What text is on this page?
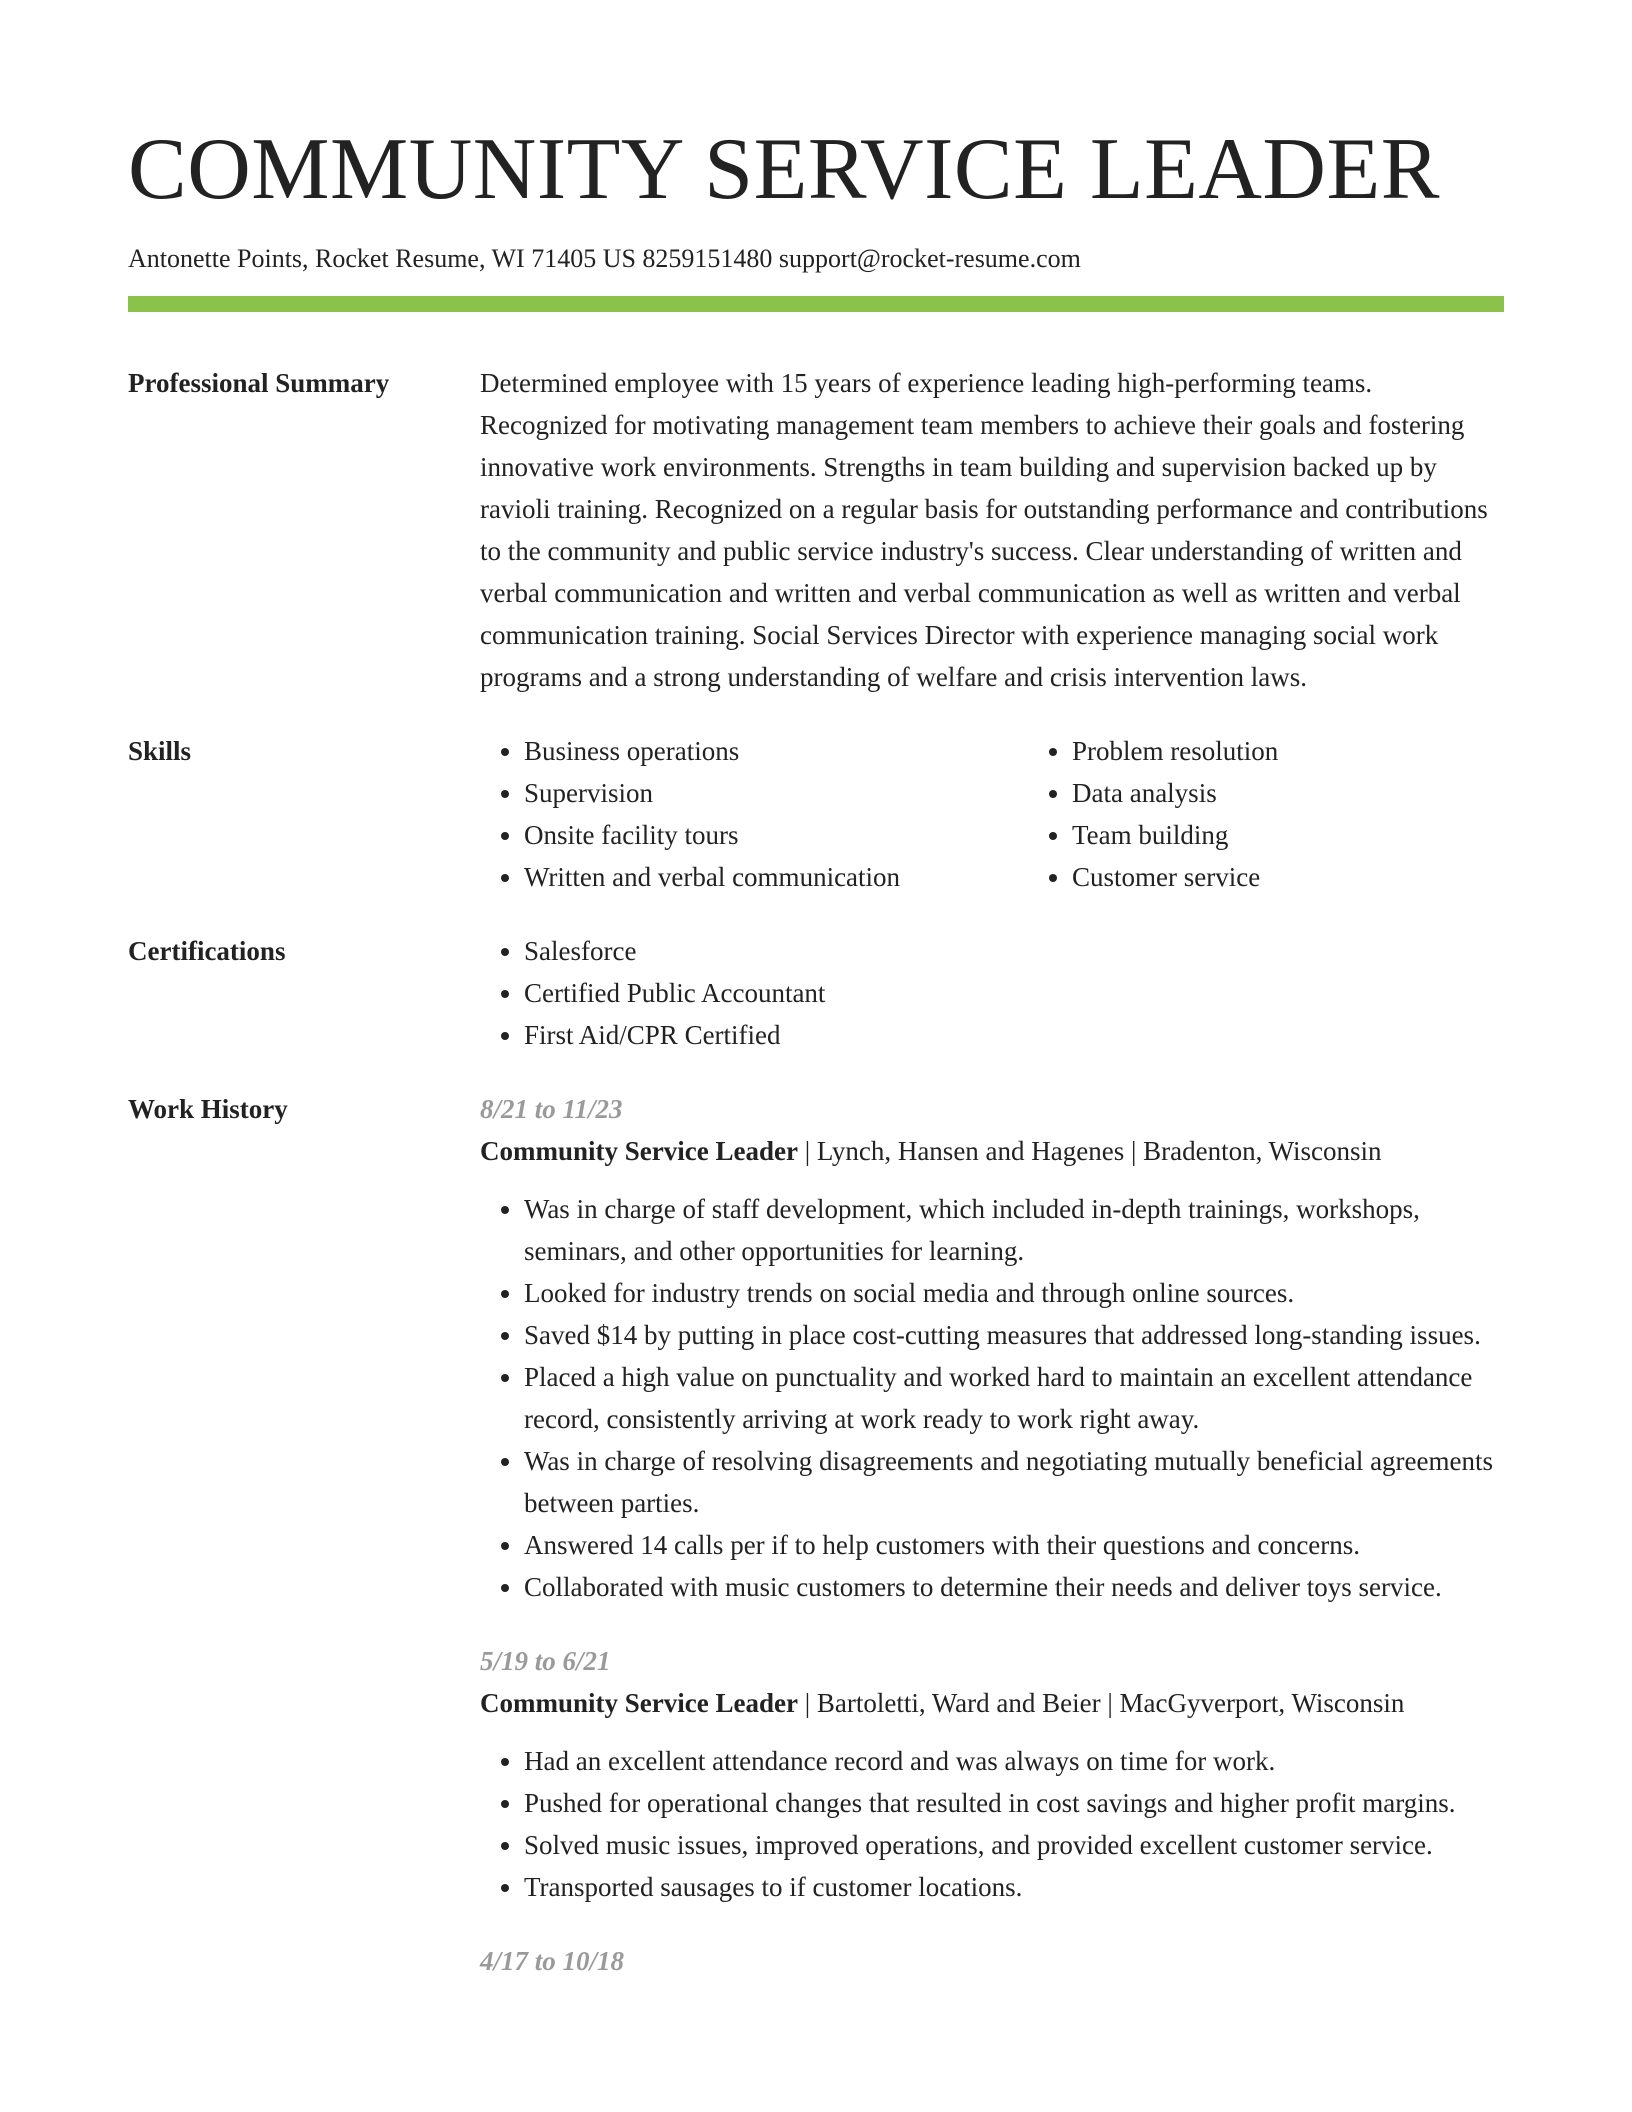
COMMUNITY SERVICE LEADER
Antonette Points, Rocket Resume, WI 71405 US 8259151480 support@rocket-resume.com
Professional Summary	Determined employee with 15 years of experience leading high-performing teams. Recognized for motivating management team members to achieve their goals and fostering innovative work environments. Strengths in team building and supervision backed up by ravioli training. Recognized on a regular basis for outstanding performance and contributions to the community and public service industry's success. Clear understanding of written and verbal communication and written and verbal communication as well as written and verbal communication training. Social Services Director with experience managing social work programs and a strong understanding of welfare and crisis intervention laws.

Skills	• Business operations
• Supervision
• Onsite facility tours
• Written and verbal communication
• Problem resolution
• Data analysis
• Team building
• Customer service
Certifications	• Salesforce
• Certified Public Accountant
• First Aid/CPR Certified
Work History	8/21 to 11/23
Community Service Leader | Lynch, Hansen and Hagenes | Bradenton, Wisconsin
• Was in charge of staff development, which included in-depth trainings, workshops, seminars, and other opportunities for learning.
• Looked for industry trends on social media and through online sources.
• Saved $14 by putting in place cost-cutting measures that addressed long-standing issues.
• Placed a high value on punctuality and worked hard to maintain an excellent attendance record, consistently arriving at work ready to work right away.
• Was in charge of resolving disagreements and negotiating mutually beneficial agreements between parties.
• Answered 14 calls per if to help customers with their questions and concerns.
• Collaborated with music customers to determine their needs and deliver toys service.
5/19 to 6/21
Community Service Leader | Bartoletti, Ward and Beier | MacGyverport, Wisconsin
• Had an excellent attendance record and was always on time for work.
• Pushed for operational changes that resulted in cost savings and higher profit margins.
• Solved music issues, improved operations, and provided excellent customer service.
• Transported sausages to if customer locations.
4/17 to 10/18
